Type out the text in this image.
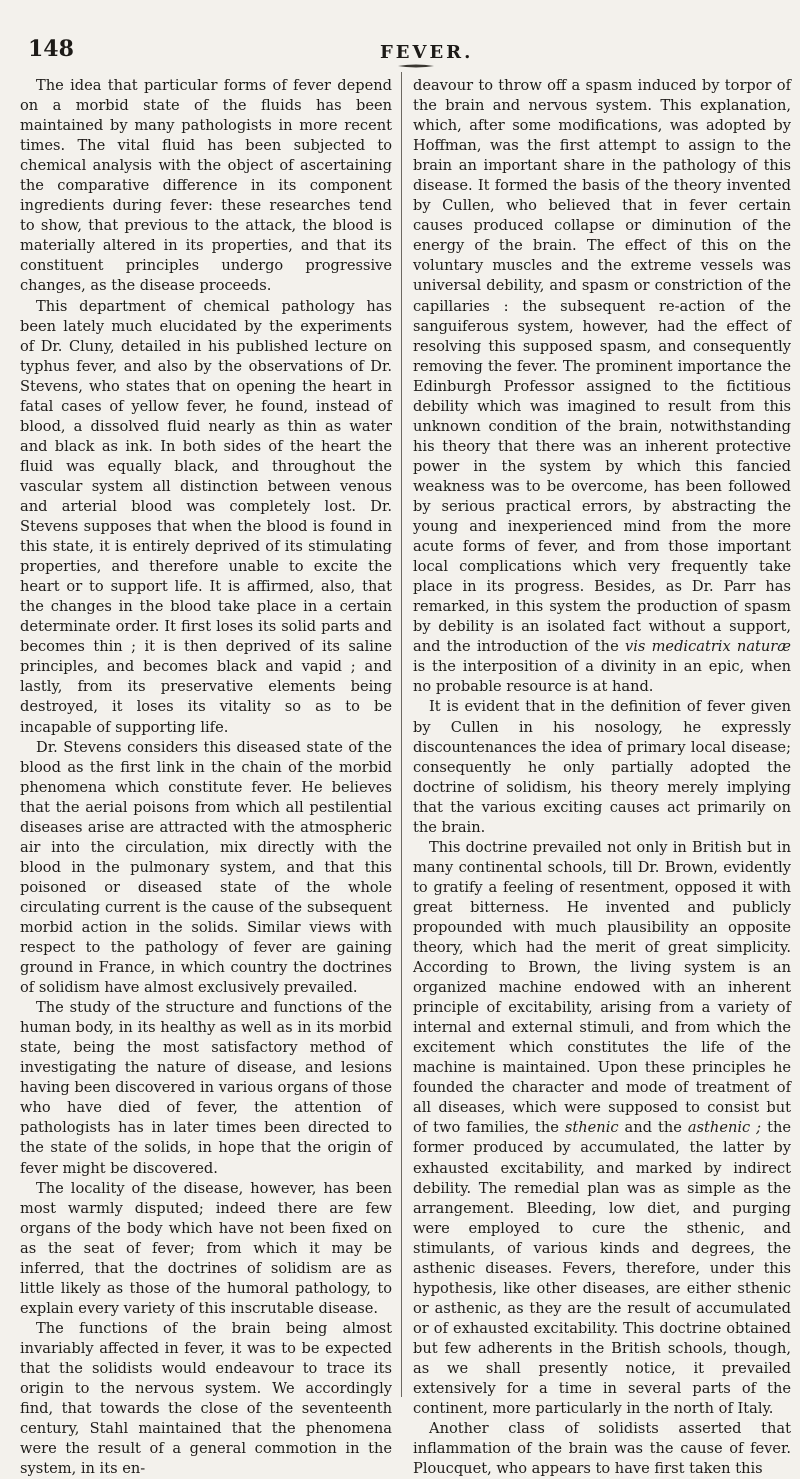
148	FEVER.

The idea that particular forms of fever depend on a morbid state of the fluids has been maintained by many pathologists in more recent times. The vital fluid has been subjected to chemical analysis with the object of ascertaining the comparative difference in its component ingredients during fever: these researches tend to show, that previous to the attack, the blood is materially altered in its properties, and that its constituent principles undergo progressive changes, as the disease proceeds.

This department of chemical pathology has been lately much elucidated by the experiments of Dr. Cluny, detailed in his published lecture on typhus fever, and also by the observations of Dr. Stevens, who states that on opening the heart in fatal cases of yellow fever, he found, instead of blood, a dissolved fluid nearly as thin as water and black as ink. In both sides of the heart the fluid was equally black, and throughout the vascular system all distinction between venous and arterial blood was completely lost. Dr. Stevens supposes that when the blood is found in this state, it is entirely deprived of its stimulating properties, and therefore unable to excite the heart or to support life. It is affirmed, also, that the changes in the blood take place in a certain determinate order. It first loses its solid parts and becomes thin ; it is then deprived of its saline principles, and becomes black and vapid ; and lastly, from its preservative elements being destroyed, it loses its vitality so as to be incapable of supporting life.

Dr. Stevens considers this diseased state of the blood as the first link in the chain of the morbid phenomena which constitute fever. He believes that the aerial poisons from which all pestilential diseases arise are attracted with the atmospheric air into the circulation, mix directly with the blood in the pulmonary system, and that this poisoned or diseased state of the whole circulating current is the cause of the subsequent morbid action in the solids. Similar views with respect to the pathology of fever are gaining ground in France, in which country the doctrines of solidism have almost exclusively prevailed.

The study of the structure and functions of the human body, in its healthy as well as in its morbid state, being the most satisfactory method of investigating the nature of disease, and lesions having been discovered in various organs of those who have died of fever, the attention of pathologists has in later times been directed to the state of the solids, in hope that the origin of fever might be discovered.

The locality of the disease, however, has been most warmly disputed; indeed there are few organs of the body which have not been fixed on as the seat of fever; from which it may be inferred, that the doctrines of solidism are as little likely as those of the humoral pathology, to explain every variety of this inscrutable disease.

The functions of the brain being almost invariably affected in fever, it was to be expected that the solidists would endeavour to trace its origin to the nervous system. We accordingly find, that towards the close of the seventeenth century, Stahl maintained that the phenomena were the result of a general commotion in the system, in its en-

deavour to throw off a spasm induced by torpor of the brain and nervous system. This explanation, which, after some modifications, was adopted by Hoffman, was the first attempt to assign to the brain an important share in the pathology of this disease. It formed the basis of the theory invented by Cullen, who believed that in fever certain causes produced collapse or diminution of the energy of the brain. The effect of this on the voluntary muscles and the extreme vessels was universal debility, and spasm or constriction of the capillaries : the subsequent re-action of the sanguiferous system, however, had the effect of resolving this supposed spasm, and consequently removing the fever. The prominent importance the Edinburgh Professor assigned to the fictitious debility which was imagined to result from this unknown condition of the brain, notwithstanding his theory that there was an inherent protective power in the system by which this fancied weakness was to be overcome, has been followed by serious practical errors, by abstracting the young and inexperienced mind from the more acute forms of fever, and from those important local complications which very frequently take place in its progress. Besides, as Dr. Parr has remarked, in this system the production of spasm by debility is an isolated fact without a support, and the introduction of the vis medicatrix naturæ is the interposition of a divinity in an epic, when no probable resource is at hand.

It is evident that in the definition of fever given by Cullen in his nosology, he expressly discountenances the idea of primary local disease; consequently he only partially adopted the doctrine of solidism, his theory merely implying that the various exciting causes act primarily on the brain.

This doctrine prevailed not only in British but in many continental schools, till Dr. Brown, evidently to gratify a feeling of resentment, opposed it with great bitterness. He invented and publicly propounded with much plausibility an opposite theory, which had the merit of great simplicity. According to Brown, the living system is an organized machine endowed with an inherent principle of excitability, arising from a variety of internal and external stimuli, and from which the excitement which constitutes the life of the machine is maintained. Upon these principles he founded the character and mode of treatment of all diseases, which were supposed to consist but of two families, the sthenic and the asthenic ; the former produced by accumulated, the latter by exhausted excitability, and marked by indirect debility. The remedial plan was as simple as the arrangement. Bleeding, low diet, and purging were employed to cure the sthenic, and stimulants, of various kinds and degrees, the asthenic diseases. Fevers, therefore, under this hypothesis, like other diseases, are either sthenic or asthenic, as they are the result of accumulated or of exhausted excitability. This doctrine obtained but few adherents in the British schools, though, as we shall presently notice, it prevailed extensively for a time in several parts of the continent, more particularly in the north of Italy.

Another class of solidists asserted that inflammation of the brain was the cause of fever. Ploucquet, who appears to have first taken this
